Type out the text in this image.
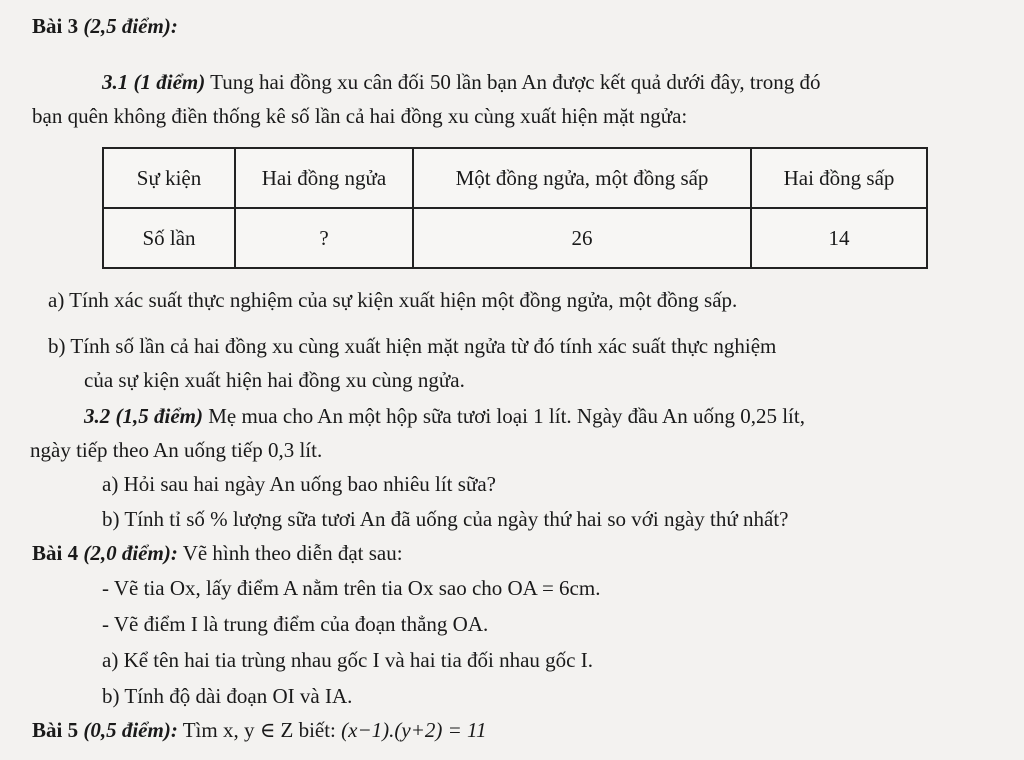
Bài 3 (2,5 điểm):
3.1 (1 điểm) Tung hai đồng xu cân đối 50 lần bạn An được kết quả dưới đây, trong đó
bạn quên không điền thống kê số lần cả hai đồng xu cùng xuất hiện mặt ngửa:
Sự kiện	Hai đồng ngửa	Một đồng ngửa, một đồng sấp	Hai đồng sấp
Số lần	?	26	14
a) Tính xác suất thực nghiệm của sự kiện xuất hiện một đồng ngửa, một đồng sấp.
b) Tính số lần cả hai đồng xu cùng xuất hiện mặt ngửa từ đó tính xác suất thực nghiệm
của sự kiện xuất hiện hai đồng xu cùng ngửa.
3.2 (1,5 điểm) Mẹ mua cho An một hộp sữa tươi loại 1 lít. Ngày đầu An uống 0,25 lít,
ngày tiếp theo An uống tiếp 0,3 lít.
a) Hỏi sau hai ngày An uống bao nhiêu lít sữa?
b) Tính tỉ số % lượng sữa tươi An đã uống của ngày thứ hai so với ngày thứ nhất?
Bài 4 (2,0 điểm): Vẽ hình theo diễn đạt sau:
- Vẽ tia Ox, lấy điểm A nằm trên tia Ox sao cho OA = 6cm.
- Vẽ điểm I là trung điểm của đoạn thẳng OA.
a) Kể tên hai tia trùng nhau gốc I và hai tia đối nhau gốc I.
b) Tính độ dài đoạn OI và IA.
Bài 5 (0,5 điểm): Tìm x, y ∈ Z biết: (x−1).(y+2) = 11
